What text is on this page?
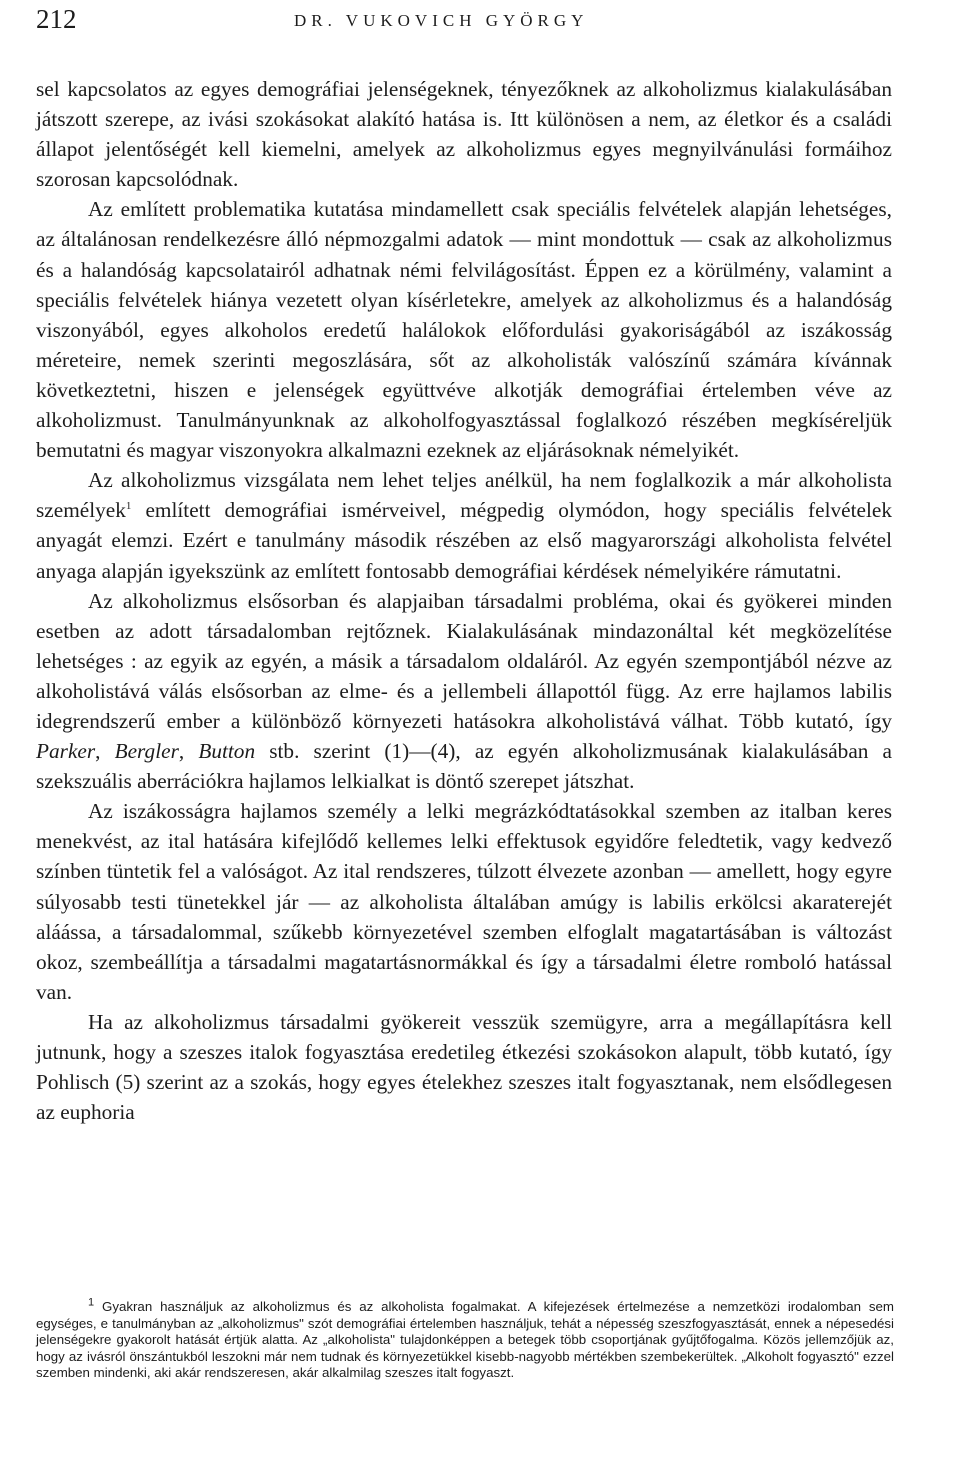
212	DR. VUKOVICH GYÖRGY

sel kapcsolatos az egyes demográfiai jelenségeknek, tényezőknek az alkoholizmus kialakulásában játszott szerepe, az ivási szokásokat alakító hatása is. Itt különösen a nem, az életkor és a családi állapot jelentőségét kell kiemelni, amelyek az alkoholizmus egyes megnyilvánulási formáihoz szorosan kapcsolódnak.

Az említett problematika kutatása mindamellett csak speciális felvételek alapján lehetséges, az általánosan rendelkezésre álló népmozgalmi adatok — mint mondottuk — csak az alkoholizmus és a halandóság kapcsolatairól adhatnak némi felvilágosítást. Éppen ez a körülmény, valamint a speciális felvételek hiánya vezetett olyan kísérletekre, amelyek az alkoholizmus és a halandóság viszonyából, egyes alkoholos eredetű halálokok előfordulási gyakoriságából az iszákosság méreteire, nemek szerinti megoszlására, sőt az alkoholisták valószínű számára kívánnak következtetni, hiszen e jelenségek együttvéve alkotják demográfiai értelemben véve az alkoholizmust. Tanulmányunknak az alkoholfogyasztással foglalkozó részében megkíséreljük bemutatni és magyar viszonyokra alkalmazni ezeknek az eljárásoknak némelyikét.

Az alkoholizmus vizsgálata nem lehet teljes anélkül, ha nem foglalkozik a már alkoholista személyek$^1$ említett demográfiai ismérveivel, mégpedig olymódon, hogy speciális felvételek anyagát elemzi. Ezért e tanulmány második részében az első magyarországi alkoholista felvétel anyaga alapján igyekszünk az említett fontosabb demográfiai kérdések némelyikére rámutatni.

Az alkoholizmus elsősorban és alapjaiban társadalmi probléma, okai és gyökerei minden esetben az adott társadalomban rejtőznek. Kialakulásának mindazonáltal két megközelítése lehetséges : az egyik az egyén, a másik a társadalom oldaláról. Az egyén szempontjából nézve az alkoholistává válás elsősorban az elme- és a jellembeli állapottól függ. Az erre hajlamos labilis idegrendszerű ember a különböző környezeti hatásokra alkoholistává válhat. Több kutató, így Parker, Bergler, Button stb. szerint (1)—(4), az egyén alkoholizmusának kialakulásában a szekszuális aberrációkra hajlamos lelkialkat is döntő szerepet játszhat.

Az iszákosságra hajlamos személy a lelki megrázkódtatásokkal szemben az italban keres menekvést, az ital hatására kifejlődő kellemes lelki effektusok egyidőre feledtetik, vagy kedvező színben tüntetik fel a valóságot. Az ital rendszeres, túlzott élvezete azonban — amellett, hogy egyre súlyosabb testi tünetekkel jár — az alkoholista általában amúgy is labilis erkölcsi akaraterejét aláássa, a társadalommal, szűkebb környezetével szemben elfoglalt magatartásában is változást okoz, szembeállítja a társadalmi magatartásnormákkal és így a társadalmi életre romboló hatással van.

Ha az alkoholizmus társadalmi gyökereit vesszük szemügyre, arra a megállapításra kell jutnunk, hogy a szeszes italok fogyasztása eredetileg étkezési szokásokon alapult, több kutató, így Pohlisch (5) szerint az a szokás, hogy egyes ételekhez szeszes italt fogyasztanak, nem elsődlegesen az euphoria

$^1$ Gyakran használjuk az alkoholizmus és az alkoholista fogalmakat. A kifejezések értelmezése a nemzetközi irodalomban sem egységes, e tanulmányban az „alkoholizmus" szót demográfiai értelemben használjuk, tehát a népesség szeszfogyasztását, ennek a népesedési jelenségekre gyakorolt hatását értjük alatta. Az „alkoholista" tulajdonképpen a betegek több csoportjának gyűjtőfogalma. Közös jellemzőjük az, hogy az ivásról önszántukból leszokni már nem tudnak és környezetükkel kisebb-nagyobb mértékben szembekerültek. „Alkoholt fogyasztó" ezzel szemben mindenki, aki akár rendszeresen, akár alkalmilag szeszes italt fogyaszt.
